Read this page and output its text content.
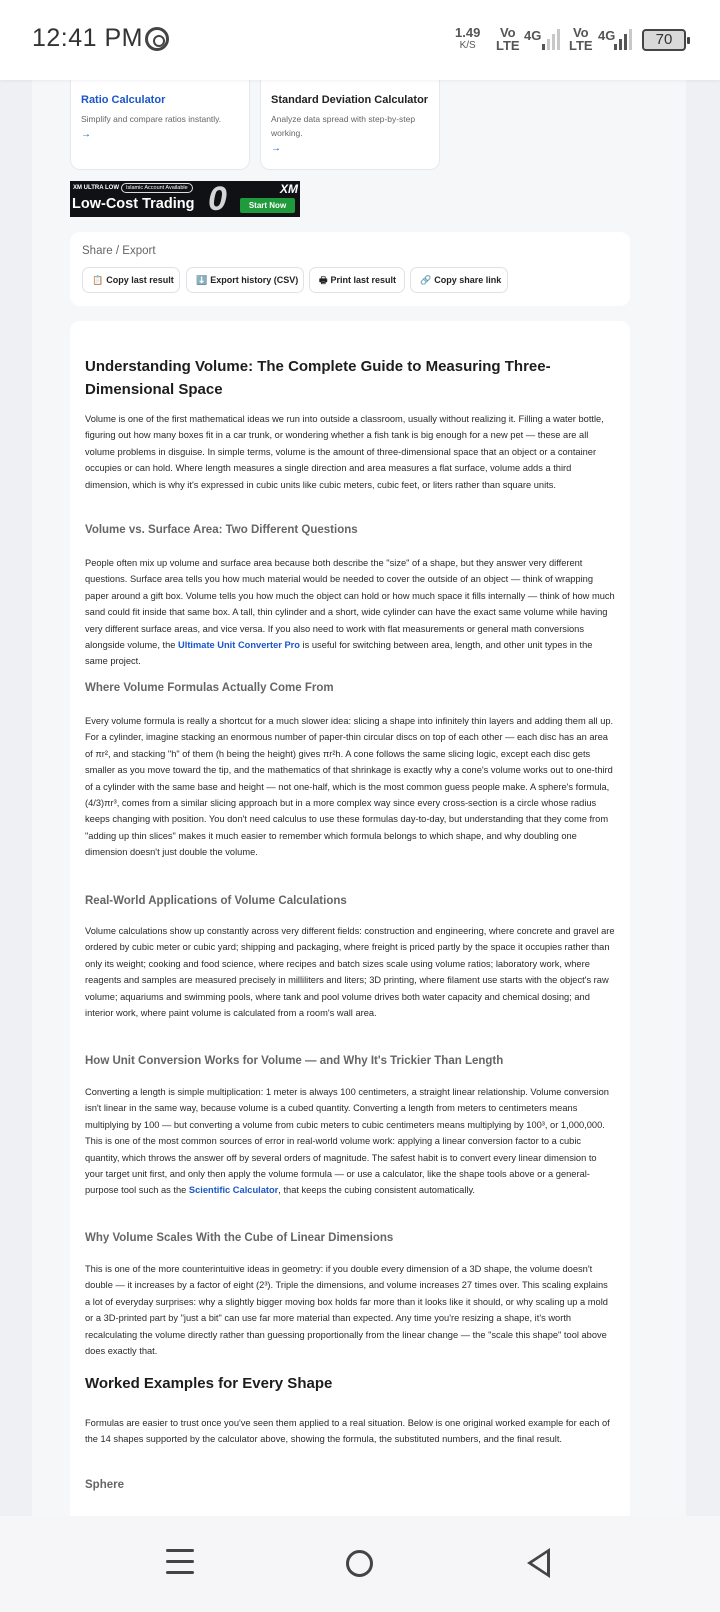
12:41 PM	1.49
K/S
Vo
LTE
4G	Vo
LTE
4G	70
Ratio Calculator
Simplify and compare ratios instantly.
→
Standard Deviation Calculator
Analyze data spread with step-by-step working.
→
XM ULTRA LOW	Islamic Account Available
Low-Cost Trading 0	XM
Start Now
Share / Export
📋 Copy last result	⬇️ Export history (CSV)	🖶 Print last result	🔗 Copy share link
Understanding Volume: The Complete Guide to Measuring Three-Dimensional Space
Volume is one of the first mathematical ideas we run into outside a classroom, usually without realizing it. Filling a water bottle, figuring out how many boxes fit in a car trunk, or wondering whether a fish tank is big enough for a new pet — these are all volume problems in disguise. In simple terms, volume is the amount of three-dimensional space that an object or a container occupies or can hold. Where length measures a single direction and area measures a flat surface, volume adds a third dimension, which is why it's expressed in cubic units like cubic meters, cubic feet, or liters rather than square units.
Volume vs. Surface Area: Two Different Questions
People often mix up volume and surface area because both describe the "size" of a shape, but they answer very different questions. Surface area tells you how much material would be needed to cover the outside of an object — think of wrapping paper around a gift box. Volume tells you how much the object can hold or how much space it fills internally — think of how much sand could fit inside that same box. A tall, thin cylinder and a short, wide cylinder can have the exact same volume while having very different surface areas, and vice versa. If you also need to work with flat measurements or general math conversions alongside volume, the Ultimate Unit Converter Pro is useful for switching between area, length, and other unit types in the same project.
Where Volume Formulas Actually Come From
Every volume formula is really a shortcut for a much slower idea: slicing a shape into infinitely thin layers and adding them all up. For a cylinder, imagine stacking an enormous number of paper-thin circular discs on top of each other — each disc has an area of πr², and stacking "h" of them (h being the height) gives πr²h. A cone follows the same slicing logic, except each disc gets smaller as you move toward the tip, and the mathematics of that shrinkage is exactly why a cone's volume works out to one-third of a cylinder with the same base and height — not one-half, which is the most common guess people make. A sphere's formula, (4/3)πr³, comes from a similar slicing approach but in a more complex way since every cross-section is a circle whose radius keeps changing with position. You don't need calculus to use these formulas day-to-day, but understanding that they come from "adding up thin slices" makes it much easier to remember which formula belongs to which shape, and why doubling one dimension doesn't just double the volume.
Real-World Applications of Volume Calculations
Volume calculations show up constantly across very different fields: construction and engineering, where concrete and gravel are ordered by cubic meter or cubic yard; shipping and packaging, where freight is priced partly by the space it occupies rather than only its weight; cooking and food science, where recipes and batch sizes scale using volume ratios; laboratory work, where reagents and samples are measured precisely in milliliters and liters; 3D printing, where filament use starts with the object's raw volume; aquariums and swimming pools, where tank and pool volume drives both water capacity and chemical dosing; and interior work, where paint volume is calculated from a room's wall area.
How Unit Conversion Works for Volume — and Why It's Trickier Than Length
Converting a length is simple multiplication: 1 meter is always 100 centimeters, a straight linear relationship. Volume conversion isn't linear in the same way, because volume is a cubed quantity. Converting a length from meters to centimeters means multiplying by 100 — but converting a volume from cubic meters to cubic centimeters means multiplying by 100³, or 1,000,000. This is one of the most common sources of error in real-world volume work: applying a linear conversion factor to a cubic quantity, which throws the answer off by several orders of magnitude. The safest habit is to convert every linear dimension to your target unit first, and only then apply the volume formula — or use a calculator, like the shape tools above or a general-purpose tool such as the Scientific Calculator, that keeps the cubing consistent automatically.
Why Volume Scales With the Cube of Linear Dimensions
This is one of the more counterintuitive ideas in geometry: if you double every dimension of a 3D shape, the volume doesn't double — it increases by a factor of eight (2³). Triple the dimensions, and volume increases 27 times over. This scaling explains a lot of everyday surprises: why a slightly bigger moving box holds far more than it looks like it should, or why scaling up a mold or a 3D-printed part by "just a bit" can use far more material than expected. Any time you're resizing a shape, it's worth recalculating the volume directly rather than guessing proportionally from the linear change — the "scale this shape" tool above does exactly that.
Worked Examples for Every Shape
Formulas are easier to trust once you've seen them applied to a real situation. Below is one original worked example for each of the 14 shapes supported by the calculator above, showing the formula, the substituted numbers, and the final result.
Sphere
